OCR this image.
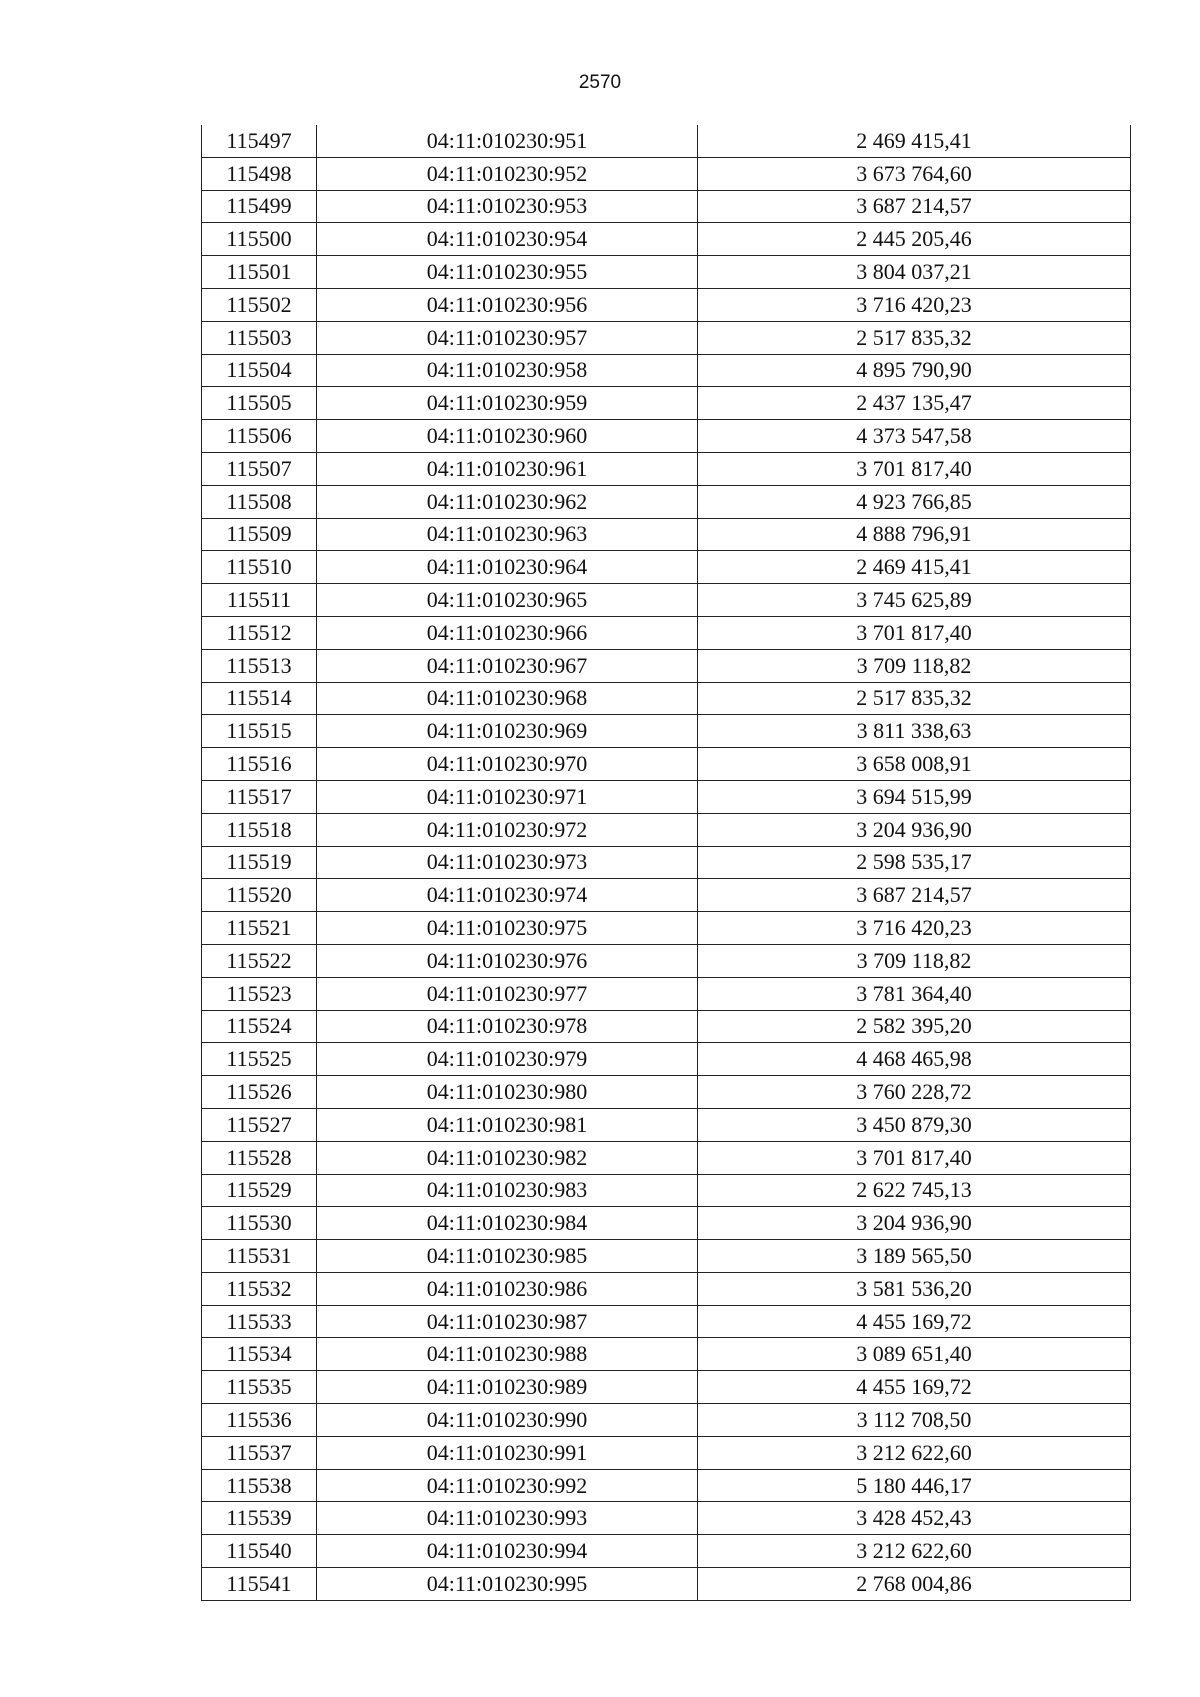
2570
115497	04:11:010230:951	2 469 415,41
115498	04:11:010230:952	3 673 764,60
115499	04:11:010230:953	3 687 214,57
115500	04:11:010230:954	2 445 205,46
115501	04:11:010230:955	3 804 037,21
115502	04:11:010230:956	3 716 420,23
115503	04:11:010230:957	2 517 835,32
115504	04:11:010230:958	4 895 790,90
115505	04:11:010230:959	2 437 135,47
115506	04:11:010230:960	4 373 547,58
115507	04:11:010230:961	3 701 817,40
115508	04:11:010230:962	4 923 766,85
115509	04:11:010230:963	4 888 796,91
115510	04:11:010230:964	2 469 415,41
115511	04:11:010230:965	3 745 625,89
115512	04:11:010230:966	3 701 817,40
115513	04:11:010230:967	3 709 118,82
115514	04:11:010230:968	2 517 835,32
115515	04:11:010230:969	3 811 338,63
115516	04:11:010230:970	3 658 008,91
115517	04:11:010230:971	3 694 515,99
115518	04:11:010230:972	3 204 936,90
115519	04:11:010230:973	2 598 535,17
115520	04:11:010230:974	3 687 214,57
115521	04:11:010230:975	3 716 420,23
115522	04:11:010230:976	3 709 118,82
115523	04:11:010230:977	3 781 364,40
115524	04:11:010230:978	2 582 395,20
115525	04:11:010230:979	4 468 465,98
115526	04:11:010230:980	3 760 228,72
115527	04:11:010230:981	3 450 879,30
115528	04:11:010230:982	3 701 817,40
115529	04:11:010230:983	2 622 745,13
115530	04:11:010230:984	3 204 936,90
115531	04:11:010230:985	3 189 565,50
115532	04:11:010230:986	3 581 536,20
115533	04:11:010230:987	4 455 169,72
115534	04:11:010230:988	3 089 651,40
115535	04:11:010230:989	4 455 169,72
115536	04:11:010230:990	3 112 708,50
115537	04:11:010230:991	3 212 622,60
115538	04:11:010230:992	5 180 446,17
115539	04:11:010230:993	3 428 452,43
115540	04:11:010230:994	3 212 622,60
115541	04:11:010230:995	2 768 004,86
